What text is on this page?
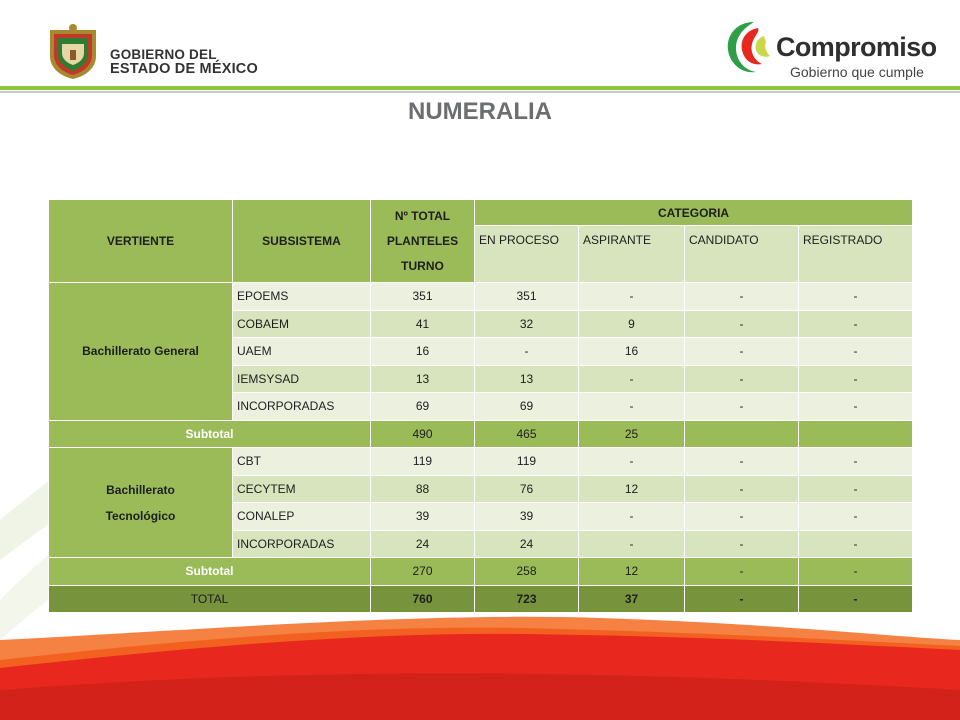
GOBIERNO DEL
ESTADO DE MÉXICO
Compromiso
Gobierno que cumple
NUMERALIA
VERTIENTE	SUBSISTEMA	Nº TOTAL
PLANTELES
TURNO	CATEGORIA			
			EN PROCESO	ASPIRANTE	CANDIDATO	REGISTRADO
Bachillerato General	EPOEMS	351	351	-	-	-
	COBAEM	41	32	9	-	-
	UAEM	16	-	16	-	-
	IEMSYSAD	13	13	-	-	-
	INCORPORADAS	69	69	-	-	-
Subtotal		490	465	25		
Bachillerato
Tecnológico	CBT	119	119	-	-	-
	CECYTEM	88	76	12	-	-
	CONALEP	39	39	-	-	-
	INCORPORADAS	24	24	-	-	-
Subtotal		270	258	12	-	-
TOTAL		760	723	37	-	-
